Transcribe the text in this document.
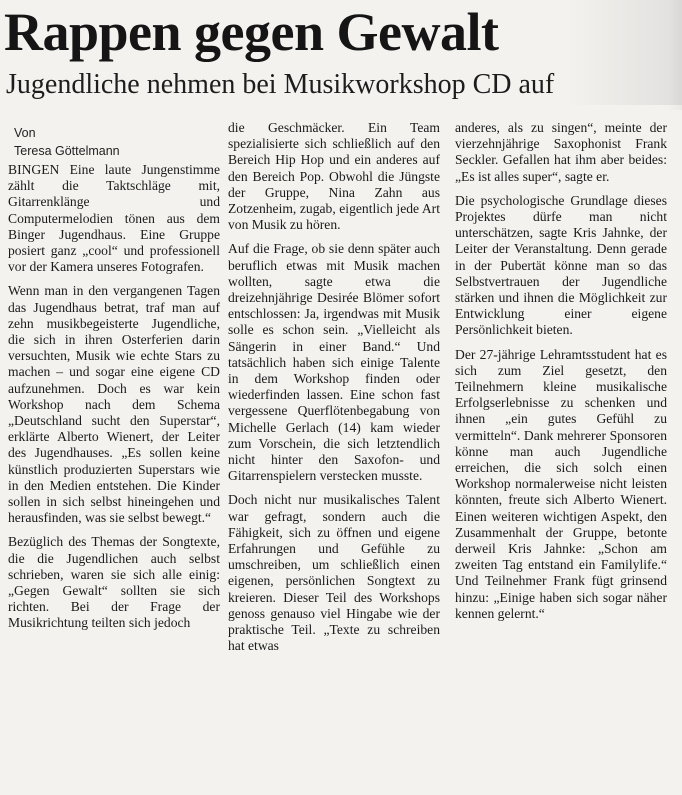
Rappen gegen Gewalt
Jugendliche nehmen bei Musikworkshop CD auf
Von
Teresa Göttelmann

BINGEN Eine laute Jungenstimme zählt die Taktschläge mit, Gitarrenklänge und Computermelodien tönen aus dem Binger Jugendhaus. Eine Gruppe posiert ganz „cool“ und professionell vor der Kamera unseres Fotografen.

Wenn man in den vergangenen Tagen das Jugendhaus betrat, traf man auf zehn musikbegeisterte Jugendliche, die sich in ihren Osterferien darin versuchten, Musik wie echte Stars zu machen – und sogar eine eigene CD aufzunehmen. Doch es war kein Workshop nach dem Schema „Deutschland sucht den Superstar“, erklärte Alberto Wienert, der Leiter des Jugendhauses. „Es sollen keine künstlich produzierten Superstars wie in den Medien entstehen. Die Kinder sollen in sich selbst hineingehen und herausfinden, was sie selbst bewegt.“

Bezüglich des Themas der Songtexte, die die Jugendlichen auch selbst schrieben, waren sie sich alle einig: „Gegen Gewalt“ sollten sie sich richten. Bei der Frage der Musikrichtung teilten sich jedoch

die Geschmäcker. Ein Team spezialisierte sich schließlich auf den Bereich Hip Hop und ein anderes auf den Bereich Pop. Obwohl die Jüngste der Gruppe, Nina Zahn aus Zotzenheim, zugab, eigentlich jede Art von Musik zu hören.

Auf die Frage, ob sie denn später auch beruflich etwas mit Musik machen wollten, sagte etwa die dreizehnjährige Desirée Blömer sofort entschlossen: Ja, irgendwas mit Musik solle es schon sein. „Vielleicht als Sängerin in einer Band.“ Und tatsächlich haben sich einige Talente in dem Workshop finden oder wiederfinden lassen. Eine schon fast vergessene Querflötenbegabung von Michelle Gerlach (14) kam wieder zum Vorschein, die sich letztendlich nicht hinter den Saxofon- und Gitarrenspielern verstecken musste.

Doch nicht nur musikalisches Talent war gefragt, sondern auch die Fähigkeit, sich zu öffnen und eigene Erfahrungen und Gefühle zu umschreiben, um schließlich einen eigenen, persönlichen Songtext zu kreieren. Dieser Teil des Workshops genoss genauso viel Hingabe wie der praktische Teil. „Texte zu schreiben hat etwas

anderes, als zu singen“, meinte der vierzehnjährige Saxophonist Frank Seckler. Gefallen hat ihm aber beides: „Es ist alles super“, sagte er.

Die psychologische Grundlage dieses Projektes dürfe man nicht unterschätzen, sagte Kris Jahnke, der Leiter der Veranstaltung. Denn gerade in der Pubertät könne man so das Selbstvertrauen der Jugendliche stärken und ihnen die Möglichkeit zur Entwicklung einer eigene Persönlichkeit bieten.

Der 27-jährige Lehramtsstudent hat es sich zum Ziel gesetzt, den Teilnehmern kleine musikalische Erfolgserlebnisse zu schenken und ihnen „ein gutes Gefühl zu vermitteln“. Dank mehrerer Sponsoren könne man auch Jugendliche erreichen, die sich solch einen Workshop normalerweise nicht leisten könnten, freute sich Alberto Wienert. Einen weiteren wichtigen Aspekt, den Zusammenhalt der Gruppe, betonte derweil Kris Jahnke: „Schon am zweiten Tag entstand ein Familylife.“ Und Teilnehmer Frank fügt grinsend hinzu: „Einige haben sich sogar näher kennen gelernt.“
